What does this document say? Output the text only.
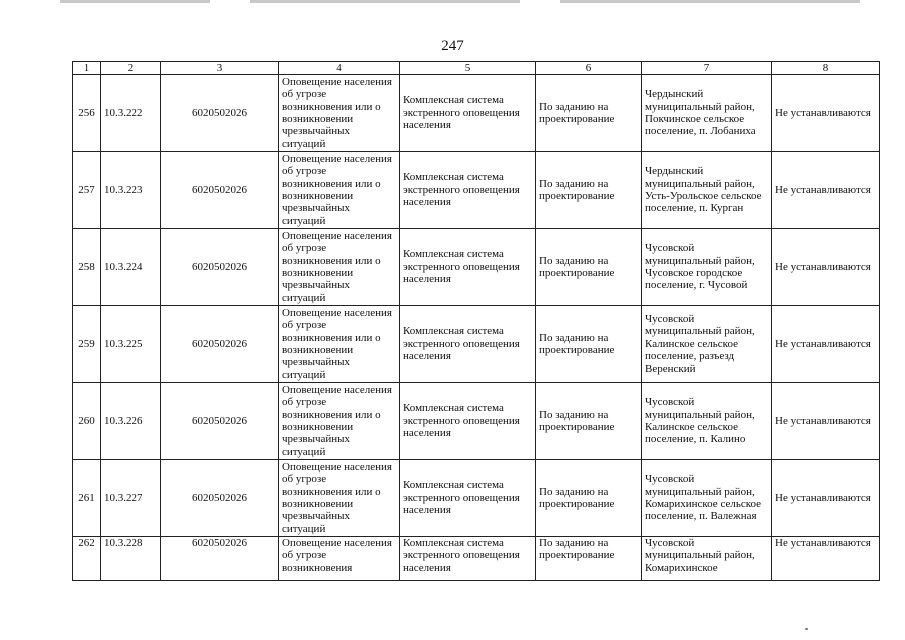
247
1	2	3	4	5	6	7	8
256	10.3.222	6020502026	Оповещение населения об угрозе возникновения или о возникновении чрезвычайных ситуаций	Комплексная система экстренного оповещения населения	По заданию на проектирование	Чердынский муниципальный район, Покчинское сельское поселение, п. Лобаниха	Не устанавливаются
257	10.3.223	6020502026	Оповещение населения об угрозе возникновения или о возникновении чрезвычайных ситуаций	Комплексная система экстренного оповещения населения	По заданию на проектирование	Чердынский муниципальный район, Усть-Урольское сельское поселение, п. Курган	Не устанавливаются
258	10.3.224	6020502026	Оповещение населения об угрозе возникновения или о возникновении чрезвычайных ситуаций	Комплексная система экстренного оповещения населения	По заданию на проектирование	Чусовской муниципальный район, Чусовское городское поселение, г. Чусовой	Не устанавливаются
259	10.3.225	6020502026	Оповещение населения об угрозе возникновения или о возникновении чрезвычайных ситуаций	Комплексная система экстренного оповещения населения	По заданию на проектирование	Чусовской муниципальный район, Калинское сельское поселение, разъезд Веренский	Не устанавливаются
260	10.3.226	6020502026	Оповещение населения об угрозе возникновения или о возникновении чрезвычайных ситуаций	Комплексная система экстренного оповещения населения	По заданию на проектирование	Чусовской муниципальный район, Калинское сельское поселение, п. Калино	Не устанавливаются
261	10.3.227	6020502026	Оповещение населения об угрозе возникновения или о возникновении чрезвычайных ситуаций	Комплексная система экстренного оповещения населения	По заданию на проектирование	Чусовской муниципальный район, Комарихинское сельское поселение, п. Валежная	Не устанавливаются
262	10.3.228	6020502026	Оповещение населения об угрозе возникновения	Комплексная система экстренного оповещения населения	По заданию на проектирование	Чусовской муниципальный район, Комарихинское	Не устанавливаются
